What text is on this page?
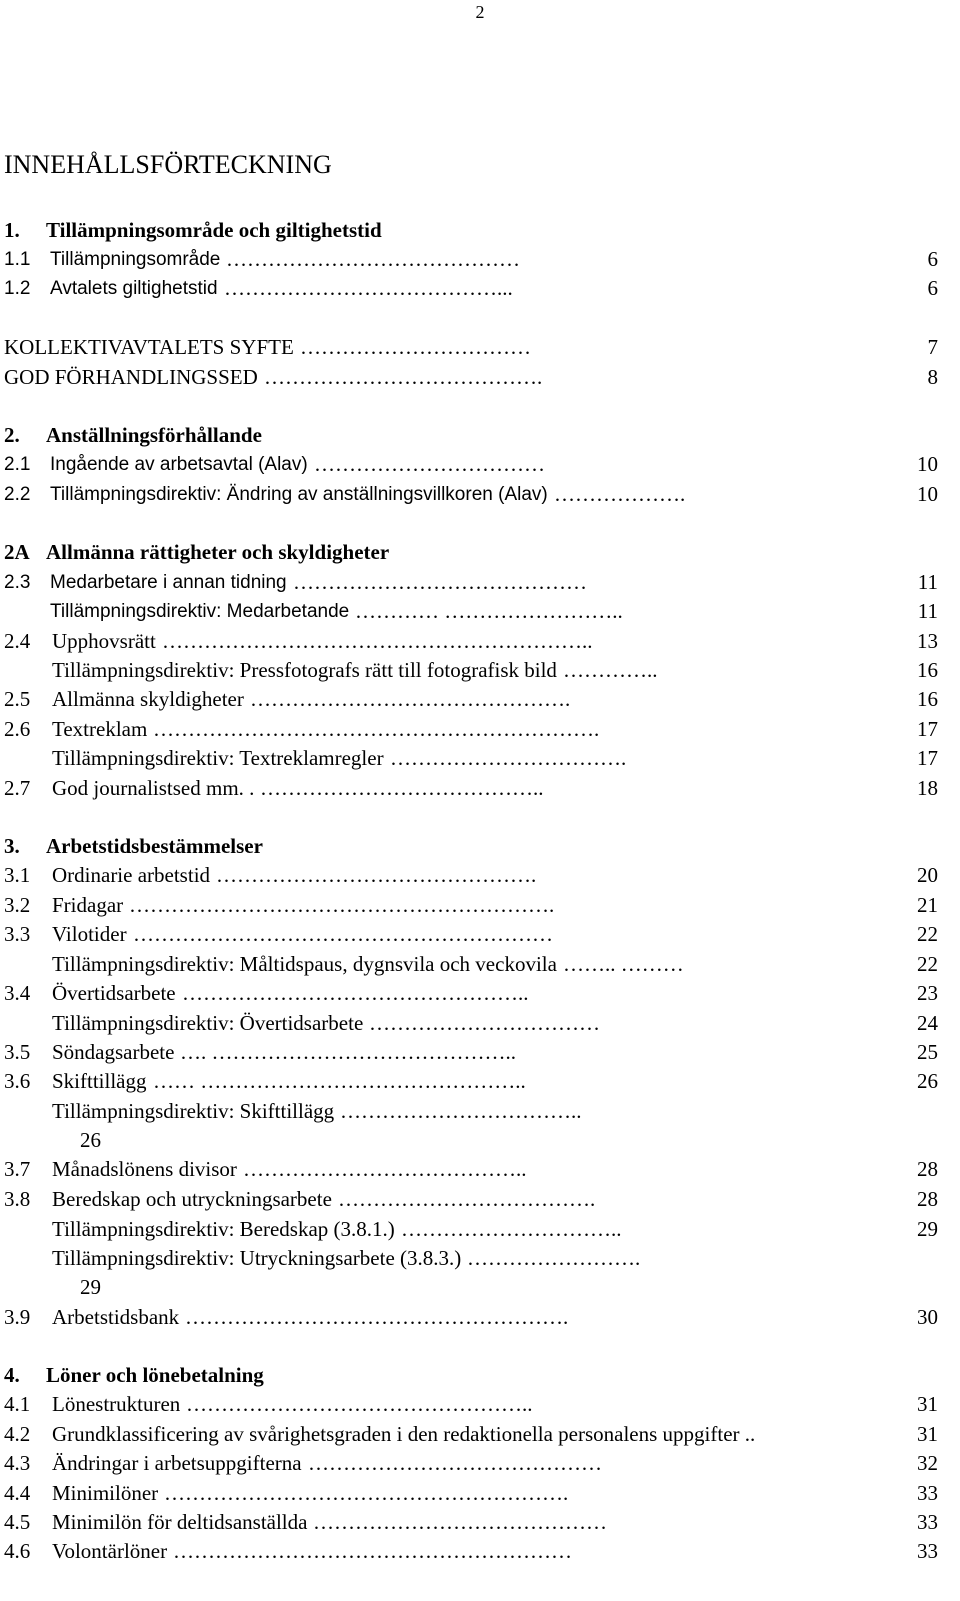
2
INNEHÅLLSFÖRTECKNING
1. Tillämpningsområde och giltighetstid
1.1 Tillämpningsområde ……………………………………	6
1.2 Avtalets giltighetstid …………………………………...	6
KOLLEKTIVAVTALETS SYFTE ……………………………	7
GOD FÖRHANDLINGSSED ………………………………….	8
2. Anställningsförhållande
2.1 Ingående av arbetsavtal (Alav) ……………………………	10
2.2 Tillämpningsdirektiv: Ändring av anställningsvillkoren (Alav) ……………….	10
2A Allmänna rättigheter och skyldigheter
2.3 Medarbetare i annan tidning ……………………………………	11
Tillämpningsdirektiv: Medarbetande ………… ……………………..	11
2.4 Upphovsrätt ……………………………………………………..	13
Tillämpningsdirektiv: Pressfotografs rätt till fotografisk bild …………..	16
2.5 Allmänna skyldigheter ……………………………………….	16
2.6 Textreklam ……………………………………………………….	17
Tillämpningsdirektiv: Textreklamregler …………………………….	17
2.7 God journalistsed mm. . …………………………………..	18
3. Arbetstidsbestämmelser
3.1 Ordinarie arbetstid ……………………………………….	20
3.2 Fridagar …………………………………………………….	21
3.3 Vilotider ……………………………………………………	22
Tillämpningsdirektiv: Måltidspaus, dygnsvila och veckovila …….. ………	22
3.4 Övertidsarbete …………………………………………..	23
Tillämpningsdirektiv: Övertidsarbete ……………………………	24
3.5 Söndagsarbete …. ……………………………………..	25
3.6 Skifttillägg …… ………………………………………..	26
Tillämpningsdirektiv: Skifttillägg ……………………………..
26
3.7 Månadslönens divisor …………………………………..	28
3.8 Beredskap och utryckningsarbete ……………………………….	28
Tillämpningsdirektiv: Beredskap (3.8.1.) …………………………..	29
Tillämpningsdirektiv: Utryckningsarbete (3.8.3.) …………………….
29
3.9 Arbetstidsbank ……………………………………………….	30
4. Löner och lönebetalning
4.1 Lönestrukturen …………………………………………..	31
4.2 Grundklassificering av svårighetsgraden i den redaktionella personalens uppgifter ..	31
4.3 Ändringar i arbetsuppgifterna ……………………………………	32
4.4 Minimilöner ………………………………………………….	33
4.5 Minimilön för deltidsanställda ……………………………………	33
4.6 Volontärlöner …………………………………………………	33
